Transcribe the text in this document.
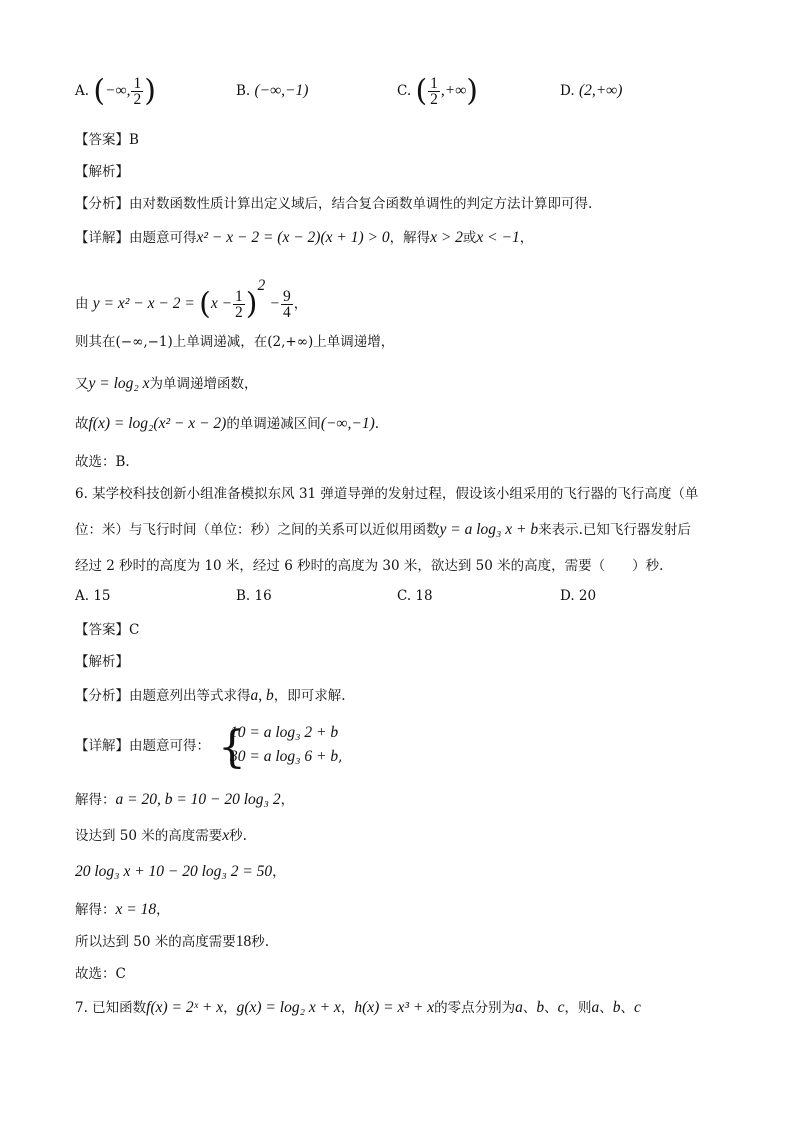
A. (−∞, $\frac{1}{2}$ )	B. (−∞,−1)	C. ( $\frac{1}{2}$ ,+∞)	D. (2,+∞)
【答案】B
【解析】
【分析】由对数函数性质计算出定义域后，结合复合函数单调性的判定方法计算即可得.
【详解】由题意可得x² − x − 2 = (x − 2)(x + 1) > 0，解得x > 2或x < −1，
由 $y = x^2 - x - 2 = (x - \frac{1}{2} )^2 - \frac{9}{4}$ ，
则其在(−∞,−1)上单调递减，在(2,+∞)上单调递增，
又y = log₂ x为单调递增函数，
故f(x) = log₂(x² − x − 2)的单调递减区间(−∞,−1).
故选：B.
6. 某学校科技创新小组准备模拟东风 31 弹道导弹的发射过程，假设该小组采用的飞行器的飞行高度（单
位：米）与飞行时间（单位：秒）之间的关系可以近似用函数y = a log₃ x + b来表示.已知飞行器发射后
经过 2 秒时的高度为 10 米，经过 6 秒时的高度为 30 米，欲达到 50 米的高度，需要（　　）秒.
A. 15	B. 16	C. 18	D. 20
【答案】C
【解析】
【分析】由题意列出等式求得a, b，即可求解.
【详解】由题意可得： {
10 = a log₃ 2 + b
30 = a log₃ 6 + b,
解得：a = 20, b = 10 − 20 log₃ 2，
设达到 50 米的高度需要x秒.
20 log₃ x + 10 − 20 log₃ 2 = 50，
解得：x = 18，
所以达到 50 米的高度需要18秒.
故选：C
7. 已知函数f(x) = 2ˣ + x，g(x) = log₂ x + x，h(x) = x³ + x的零点分别为a、b、c，则a、b、c
